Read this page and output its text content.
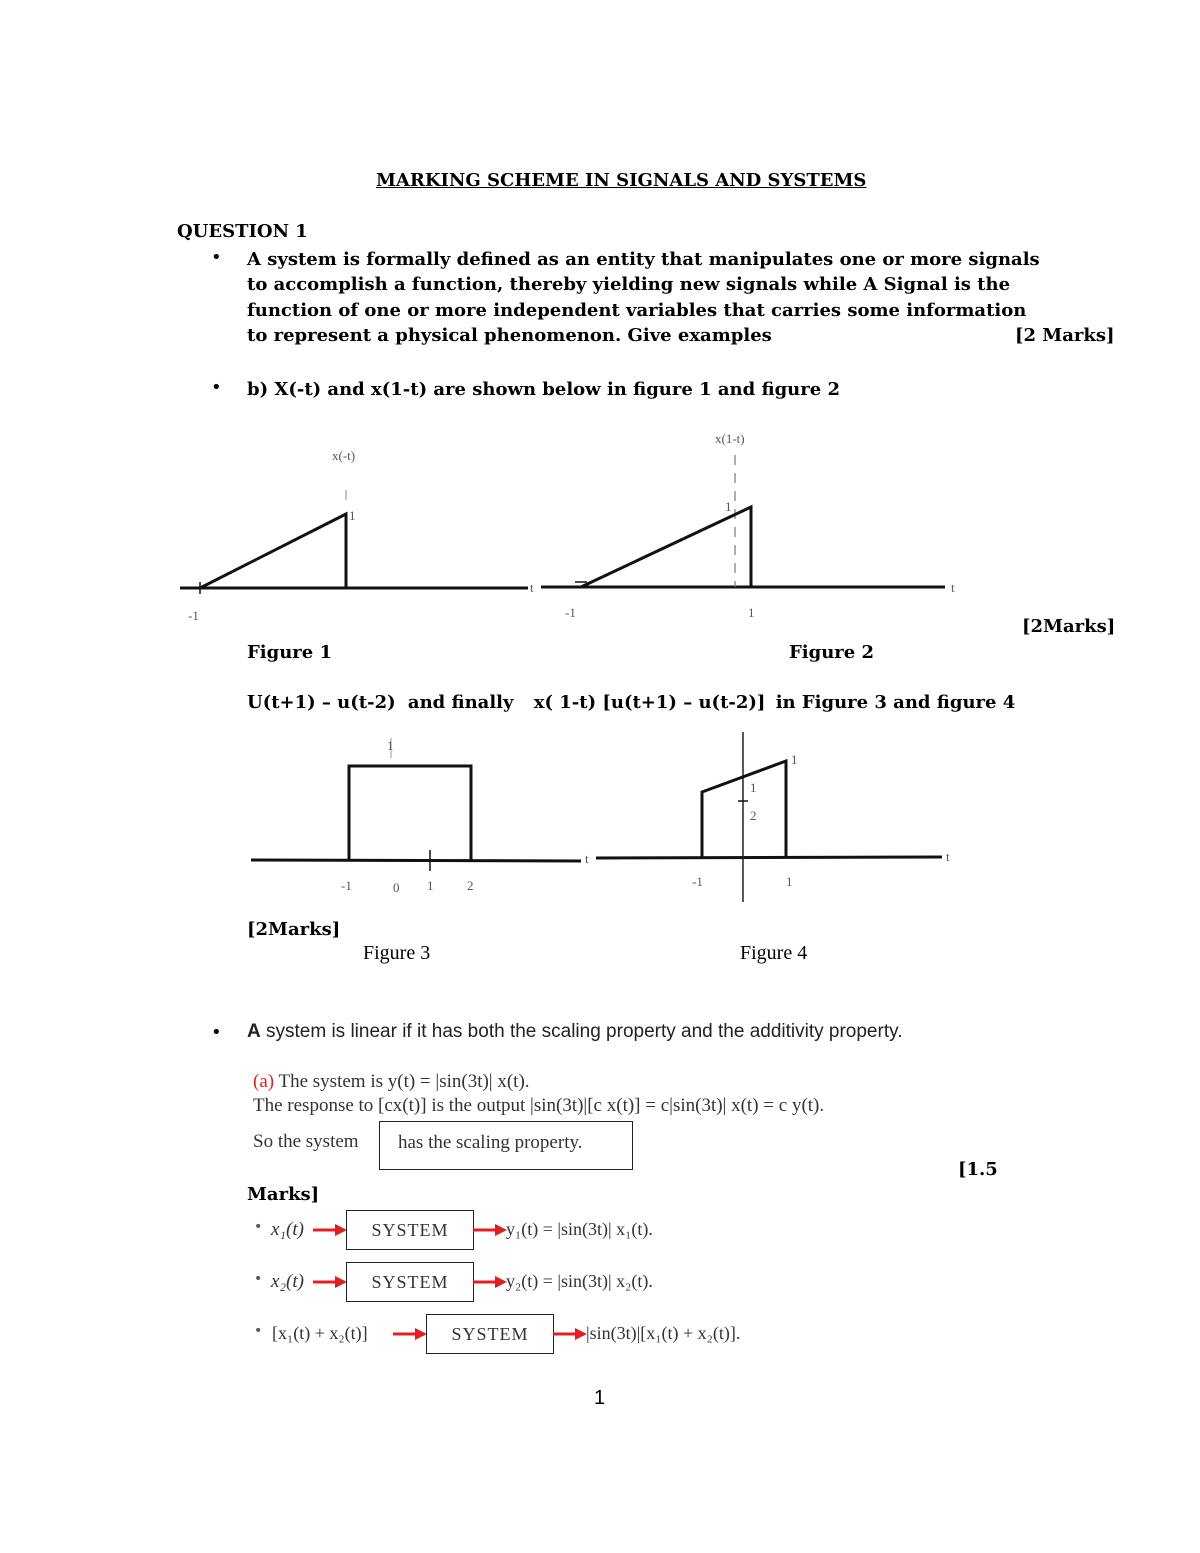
MARKING SCHEME IN SIGNALS AND SYSTEMS
QUESTION 1
• A system is formally defined as an entity that manipulates one or more signals
to accomplish a function, thereby yielding new signals while A Signal is the
function of one or more independent variables that carries some information
to represent a physical phenomenon. Give examples	[2 Marks]
• b) X(-t) and x(1-t) are shown below in figure 1 and figure 2
x(-t)
1
-1
t
x(1-t)
1
-1	1
t
[2Marks]
Figure 1	Figure 2
U(t+1) – u(t-2) and finally x( 1-t) [u(t+1) – u(t-2)] in Figure 3 and figure 4
1
-1	0 1	2
t
1
2
1
-1	1
t
[2Marks]
Figure 3	Figure 4
• A system is linear if it has both the scaling property and the additivity property.
(a) The system is y(t) = |sin(3t)| x(t).
The response to [cx(t)] is the output |sin(3t)|[c x(t)] = c|sin(3t)| x(t) = c y(t).
So the system has the scaling property.
[1.5
Marks]
• x₁(t)	SYSTEM	y₁(t) = |sin(3t)| x₁(t).
• x₂(t)	SYSTEM	y₂(t) = |sin(3t)| x₂(t).
• [x₁(t) + x₂(t)]	SYSTEM	|sin(3t)|[x₁(t) + x₂(t)].
1
